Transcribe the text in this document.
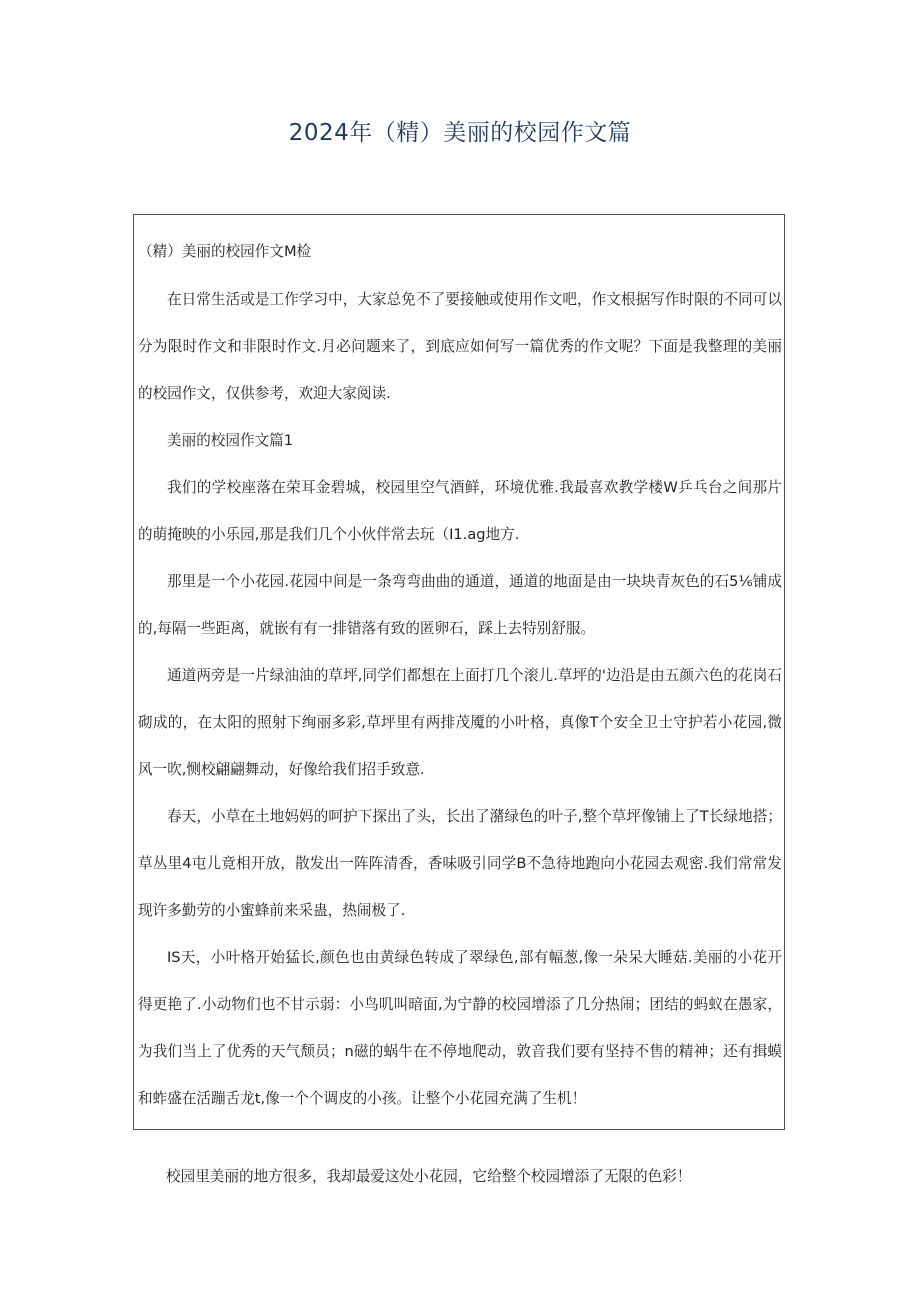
2024年（精）美丽的校园作文篇

（精）美丽的校园作文M检

在日常生活或是工作学习中，大家总免不了要接触或使用作文吧，作文根据写作时限的不同可以分为限时作文和非限时作文.月必问题来了，到底应如何写一篇优秀的作文呢？下面是我整理的美丽的校园作文，仅供参考，欢迎大家阅读.

美丽的校园作文篇1

我们的学校座落在荣耳金碧城，校园里空气酒鲜，环境优雅.我最喜欢教学楼W乒乓台之间那片的萌掩映的小乐园,那是我们几个小伙伴常去玩（I1.ag地方.

那里是一个小花园.花园中间是一条弯弯曲曲的通道，通道的地面是由一块块青灰色的石5⅙铺成的,每隔一些距离，就嵌有有一排错落有致的匿卵石，踩上去特别舒服。

通道两旁是一片绿油油的草坪,同学们都想在上面打几个滚儿.草坪的'边沿是由五颜六色的花岗石砌成的，在太阳的照射下绚丽多彩,草坪里有两排茂魇的小叶格，真像T个安全卫士守护若小花园,微风一吹,恻校翩翩舞动，好像给我们招手致意.

春天，小草在土地妈妈的呵护下探出了头，长出了潴绿色的叶子,整个草坪像铺上了T长绿地搭；草丛里4屯儿竟相开放，散发出一阵阵清香，香味吸引同学B不急待地跑向小花园去观密.我们常常发现许多勤劳的小蜜蜂前来采蛊，热闹极了.

IS天，小叶格开始猛长,颜色也由黄绿色转成了翠绿色,部有幅葱,像一朵呆大睡菇.美丽的小花开得更艳了.小动物们也不甘示弱：小鸟叽叫暗面,为宁静的校园增添了几分热闹；团结的蚂蚁在愚家，为我们当上了优秀的天气颓员；n磁的蜗牛在不停地爬动，敦音我们要有坚持不售的精神；还有揖蟆和蚱盛在活蹦舌龙t,像一个个调皮的小孩。让整个小花园充满了生机！

校园里美丽的地方很多，我却最爱这处小花园，它给整个校园增添了无限的色彩！
